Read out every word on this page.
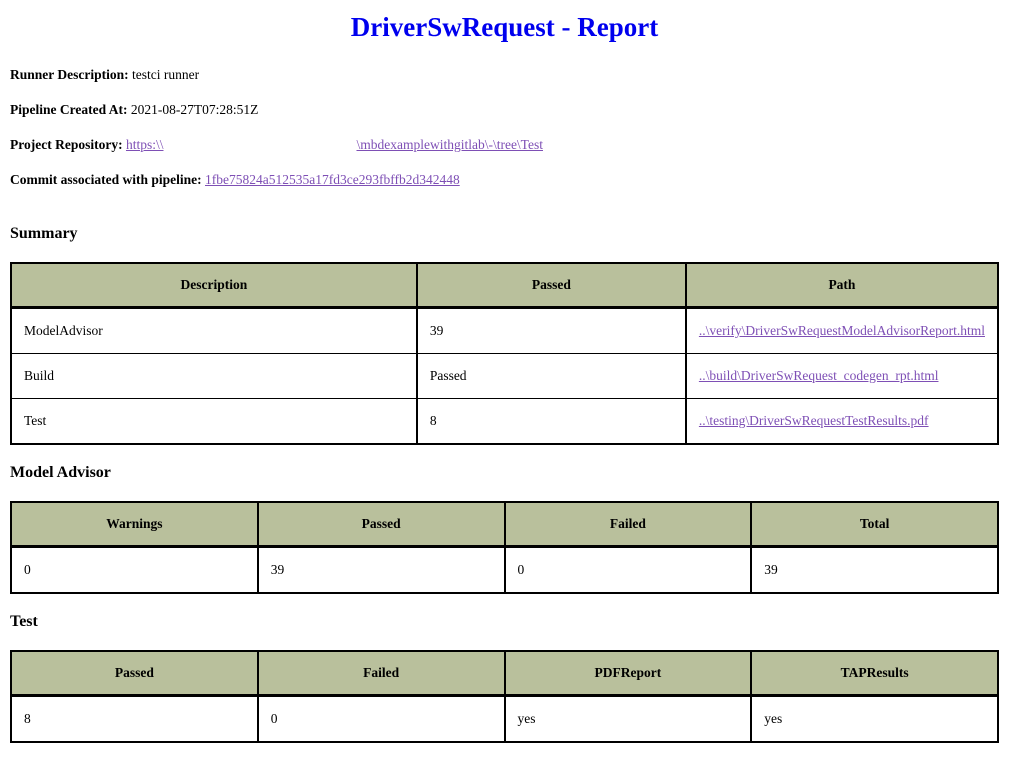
DriverSwRequest - Report

Runner Description: testci runner

Pipeline Created At: 2021-08-27T07:28:51Z

Project Repository: https:\\	\mbdexamplewithgitlab\-\tree\Test

Commit associated with pipeline: 1fbe75824a512535a17fd3ce293fbffb2d342448

Summary
Description	Passed	Path
ModelAdvisor	39	..\verify\DriverSwRequestModelAdvisorReport.html
Build	Passed	..\build\DriverSwRequest_codegen_rpt.html
Test	8	..\testing\DriverSwRequestTestResults.pdf
Model Advisor
Warnings	Passed	Failed	Total
0	39	0	39
Test
Passed	Failed	PDFReport	TAPResults
8	0	yes	yes
